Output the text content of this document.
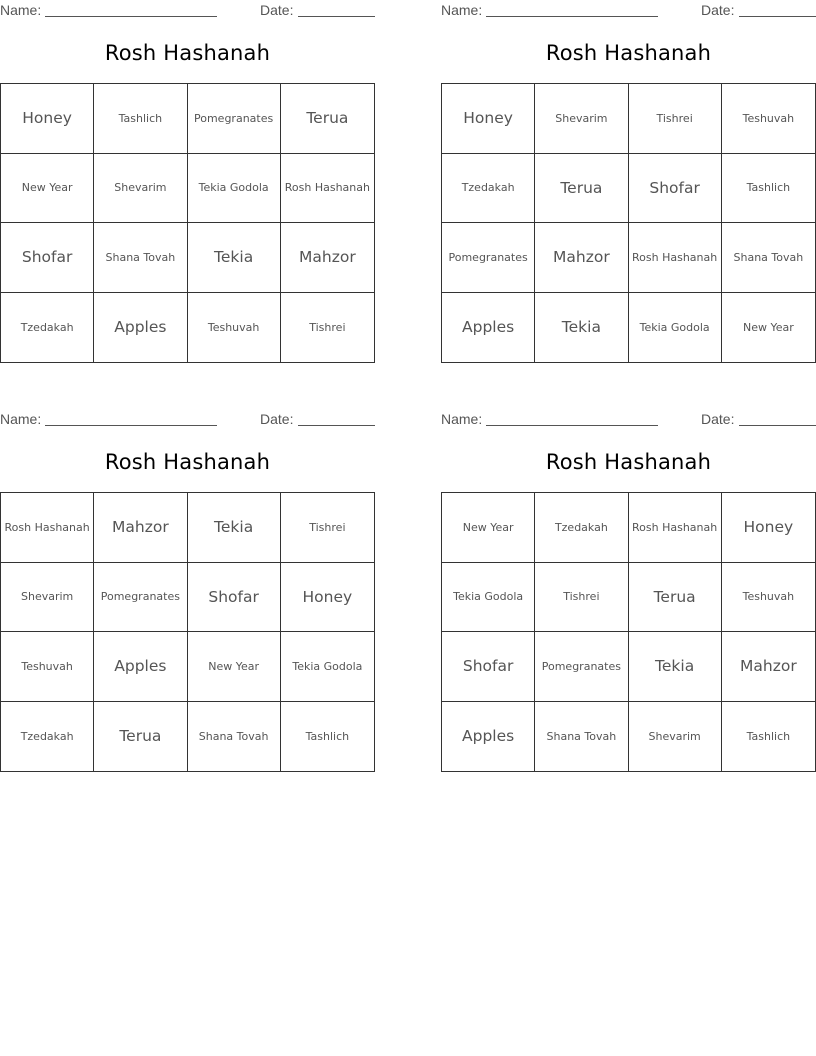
Name:	Date:
Rosh Hashanah
Honey	Tashlich	Pomegranates	Terua
New Year	Shevarim	Tekia Godola	Rosh Hashanah
Shofar	Shana Tovah	Tekia	Mahzor
Tzedakah	Apples	Teshuvah	Tishrei
Name:	Date:
Rosh Hashanah
Honey	Shevarim	Tishrei	Teshuvah
Tzedakah	Terua	Shofar	Tashlich
Pomegranates	Mahzor	Rosh Hashanah	Shana Tovah
Apples	Tekia	Tekia Godola	New Year
Name:	Date:
Rosh Hashanah
Rosh Hashanah	Mahzor	Tekia	Tishrei
Shevarim	Pomegranates	Shofar	Honey
Teshuvah	Apples	New Year	Tekia Godola
Tzedakah	Terua	Shana Tovah	Tashlich
Name:	Date:
Rosh Hashanah
New Year	Tzedakah	Rosh Hashanah	Honey
Tekia Godola	Tishrei	Terua	Teshuvah
Shofar	Pomegranates	Tekia	Mahzor
Apples	Shana Tovah	Shevarim	Tashlich
